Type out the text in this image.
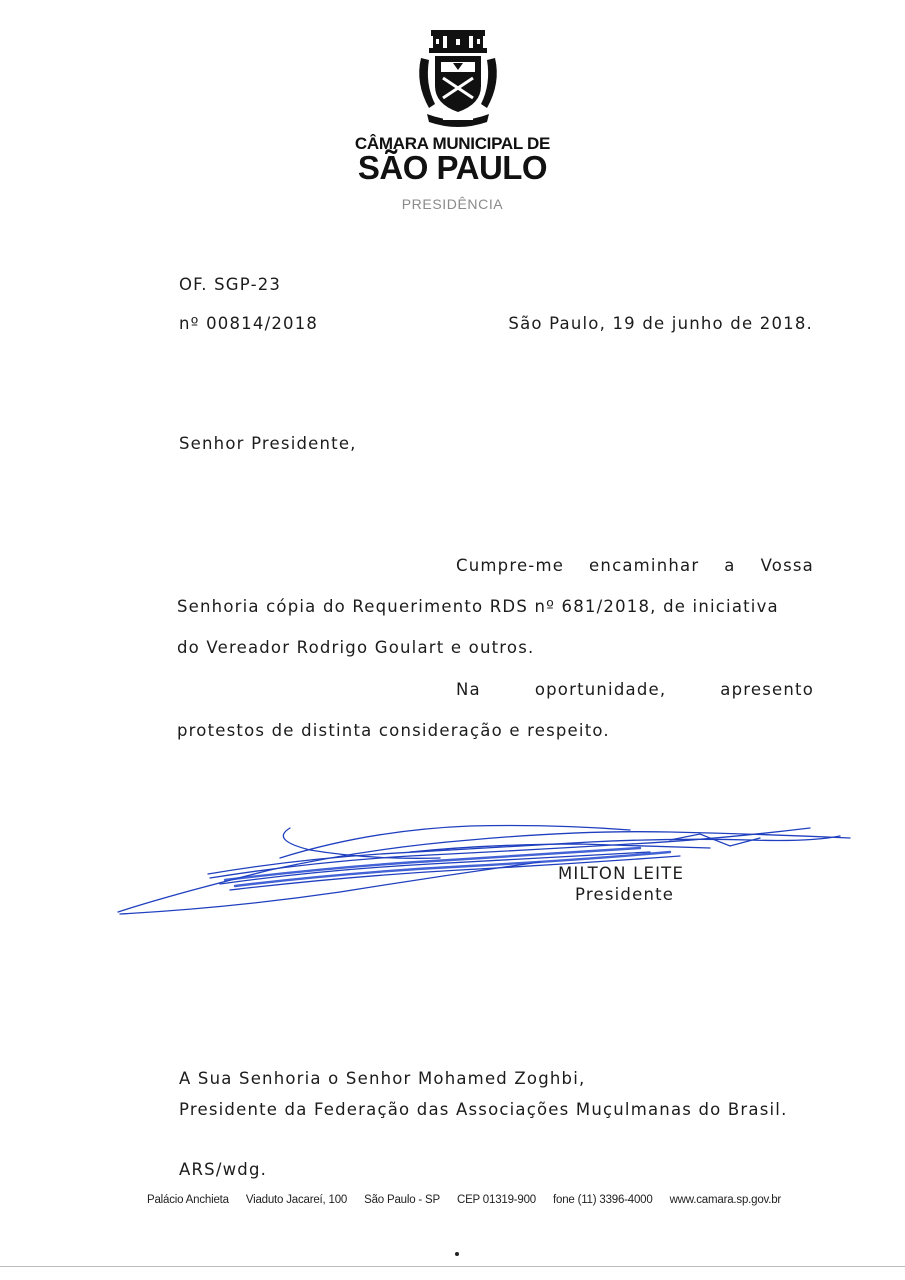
CÂMARA MUNICIPAL DE
SÃO PAULO
PRESIDÊNCIA
OF. SGP-23
nº 00814/2018	São Paulo, 19 de junho de 2018.
Senhor Presidente,
Cumpre-me encaminhar a Vossa
Senhoria cópia do Requerimento RDS nº 681/2018, de iniciativa
do Vereador Rodrigo Goulart e outros.
Na oportunidade, apresento
protestos de distinta consideração e respeito.
MILTON LEITE
Presidente
A Sua Senhoria o Senhor Mohamed Zoghbi,
Presidente da Federação das Associações Muçulmanas do Brasil.
ARS/wdg.
Palácio Anchieta Viaduto Jacareí, 100 São Paulo - SP CEP 01319-900 fone (11) 3396-4000 www.camara.sp.gov.br
